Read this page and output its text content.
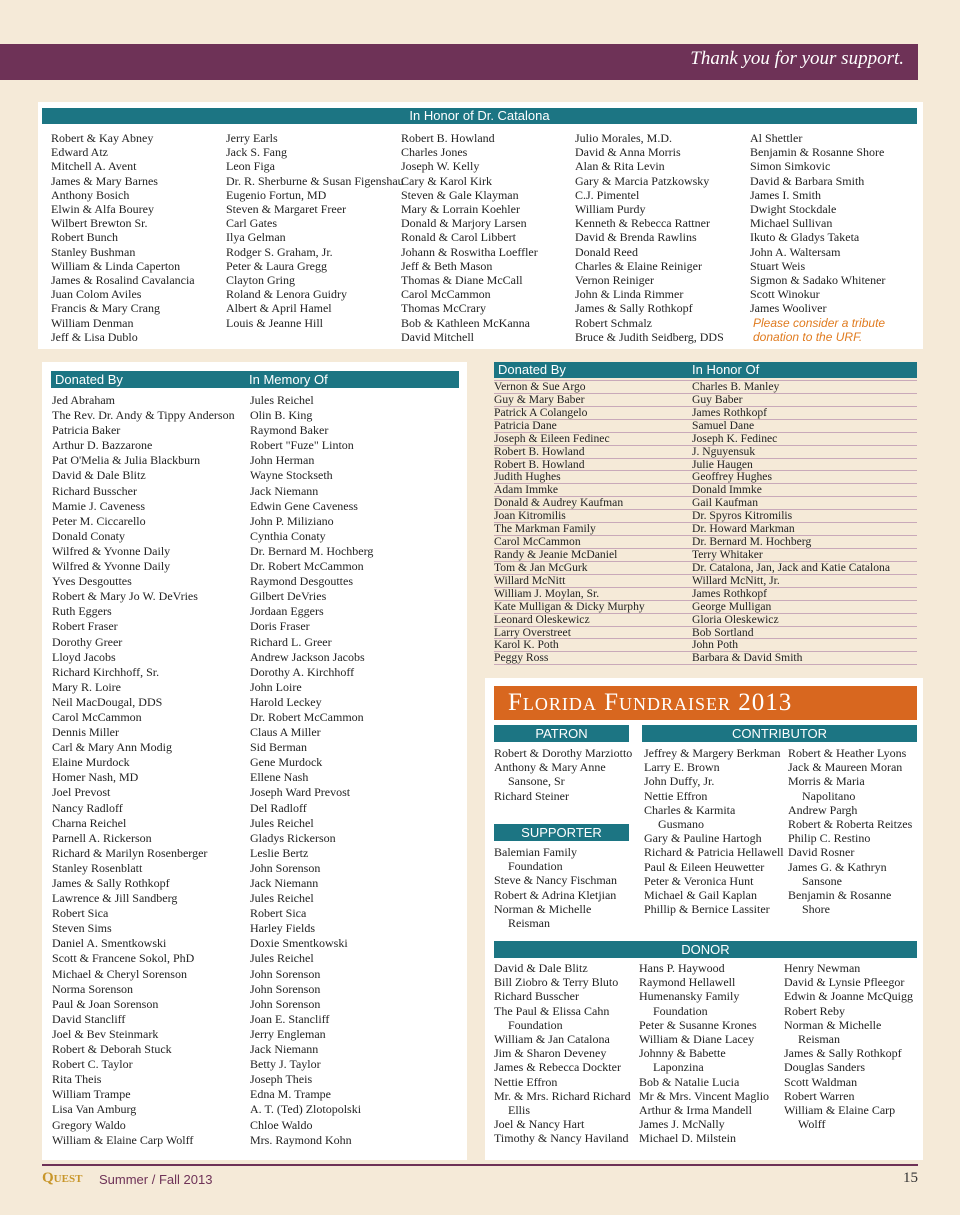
Thank you for your support.
In Honor of Dr. Catalona
Robert & Kay Abney
Edward Atz
Mitchell A. Avent
James & Mary Barnes
Anthony Bosich
Elwin & Alfa Bourey
Wilbert Brewton Sr.
Robert Bunch
Stanley Bushman
William & Linda Caperton
James & Rosalind Cavalancia
Juan Colom Aviles
Francis & Mary Crang
William Denman
Jeff & Lisa Dublo
Jerry Earls
Jack S. Fang
Leon Figa
Dr. R. Sherburne & Susan Figenshau
Eugenio Fortun, MD
Steven & Margaret Freer
Carl Gates
Ilya Gelman
Rodger S. Graham, Jr.
Peter & Laura Gregg
Clayton Gring
Roland & Lenora Guidry
Albert & April Hamel
Louis & Jeanne Hill
Robert B. Howland
Charles Jones
Joseph W. Kelly
Cary & Karol Kirk
Steven & Gale Klayman
Mary & Lorrain Koehler
Donald & Marjory Larsen
Ronald & Carol Libbert
Johann & Roswitha Loeffler
Jeff & Beth Mason
Thomas & Diane McCall
Carol McCammon
Thomas McCrary
Bob & Kathleen McKanna
David Mitchell
Julio Morales, M.D.
David & Anna Morris
Alan & Rita Levin
Gary & Marcia Patzkowsky
C.J. Pimentel
William Purdy
Kenneth & Rebecca Rattner
David & Brenda Rawlins
Donald Reed
Charles & Elaine Reiniger
Vernon Reiniger
John & Linda Rimmer
James & Sally Rothkopf
Robert Schmalz
Bruce & Judith Seidberg, DDS
Al Shettler
Benjamin & Rosanne Shore
Simon Simkovic
David & Barbara Smith
James I. Smith
Dwight Stockdale
Michael Sullivan
Ikuto & Gladys Taketa
John A. Waltersam
Stuart Weis
Sigmon & Sadako Whitener
Scott Winokur
James Wooliver
Please consider a tribute donation to the URF.
Donated By	In Memory Of
Jed Abraham	Jules Reichel
The Rev. Dr. Andy & Tippy Anderson	Olin B. King
Patricia Baker	Raymond Baker
Arthur D. Bazzarone	Robert "Fuze" Linton
Pat O'Melia & Julia Blackburn	John Herman
David & Dale Blitz	Wayne Stockseth
Richard Busscher	Jack Niemann
Mamie J. Caveness	Edwin Gene Caveness
Peter M. Ciccarello	John P. Miliziano
Donald Conaty	Cynthia Conaty
Wilfred & Yvonne Daily	Dr. Bernard M. Hochberg
Wilfred & Yvonne Daily	Dr. Robert McCammon
Yves Desgouttes	Raymond Desgouttes
Robert & Mary Jo W. DeVries	Gilbert DeVries
Ruth Eggers	Jordaan Eggers
Robert Fraser	Doris Fraser
Dorothy Greer	Richard L. Greer
Lloyd Jacobs	Andrew Jackson Jacobs
Richard Kirchhoff, Sr.	Dorothy A. Kirchhoff
Mary R. Loire	John Loire
Neil MacDougal, DDS	Harold Leckey
Carol McCammon	Dr. Robert McCammon
Dennis Miller	Claus A Miller
Carl & Mary Ann Modig	Sid Berman
Elaine Murdock	Gene Murdock
Homer Nash, MD	Ellene Nash
Joel Prevost	Joseph Ward Prevost
Nancy Radloff	Del Radloff
Charna Reichel	Jules Reichel
Parnell A. Rickerson	Gladys Rickerson
Richard & Marilyn Rosenberger	Leslie Bertz
Stanley Rosenblatt	John Sorenson
James & Sally Rothkopf	Jack Niemann
Lawrence & Jill Sandberg	Jules Reichel
Robert Sica	Robert Sica
Steven Sims	Harley Fields
Daniel A. Smentkowski	Doxie Smentkowski
Scott & Francene Sokol, PhD	Jules Reichel
Michael & Cheryl Sorenson	John Sorenson
Norma Sorenson	John Sorenson
Paul & Joan Sorenson	John Sorenson
David Stancliff	Joan E. Stancliff
Joel & Bev Steinmark	Jerry Engleman
Robert & Deborah Stuck	Jack Niemann
Robert C. Taylor	Betty J. Taylor
Rita Theis	Joseph Theis
William Trampe	Edna M. Trampe
Lisa Van Amburg	A. T. (Ted) Zlotopolski
Gregory Waldo	Chloe Waldo
William & Elaine Carp Wolff	Mrs. Raymond Kohn
Donated By	In Honor Of
Vernon & Sue Argo	Charles B. Manley
Guy & Mary Baber	Guy Baber
Patrick A Colangelo	James Rothkopf
Patricia Dane	Samuel Dane
Joseph & Eileen Fedinec	Joseph K. Fedinec
Robert B. Howland	J. Nguyensuk
Robert B. Howland	Julie Haugen
Judith Hughes	Geoffrey Hughes
Adam Immke	Donald Immke
Donald & Audrey Kaufman	Gail Kaufman
Joan Kitromilis	Dr. Spyros Kitromilis
The Markman Family	Dr. Howard Markman
Carol McCammon	Dr. Bernard M. Hochberg
Randy & Jeanie McDaniel	Terry Whitaker
Tom & Jan McGurk	Dr. Catalona, Jan, Jack and Katie Catalona
Willard McNitt	Willard McNitt, Jr.
William J. Moylan, Sr.	James Rothkopf
Kate Mulligan & Dicky Murphy	George Mulligan
Leonard Oleskewicz	Gloria Oleskewicz
Larry Overstreet	Bob Sortland
Karol K. Poth	John Poth
Peggy Ross	Barbara & David Smith
Florida Fundraiser 2013
PATRON
Robert & Dorothy Marziotto
Anthony & Mary Anne Sansone, Sr
Richard Steiner
SUPPORTER
Balemian Family Foundation
Steve & Nancy Fischman
Robert & Adrina Kletjian
Norman & Michelle Reisman
CONTRIBUTOR
Jeffrey & Margery Berkman
Larry E. Brown
John Duffy, Jr.
Nettie Effron
Charles & Karmita Gusmano
Gary & Pauline Hartogh
Richard & Patricia Hellawell
Paul & Eileen Heuwetter
Peter & Veronica Hunt
Michael & Gail Kaplan
Phillip & Bernice Lassiter
Robert & Heather Lyons
Jack & Maureen Moran
Morris & Maria Napolitano
Andrew Pargh
Robert & Roberta Reitzes
Philip C. Restino
David Rosner
James G. & Kathryn Sansone
Benjamin & Rosanne Shore
DONOR
David & Dale Blitz
Bill Ziobro & Terry Bluto
Richard Busscher
The Paul & Elissa Cahn Foundation
William & Jan Catalona
Jim & Sharon Deveney
James & Rebecca Dockter
Nettie Effron
Mr. & Mrs. Richard Richard Ellis
Joel & Nancy Hart
Timothy & Nancy Haviland
Hans P. Haywood
Raymond Hellawell
Humenansky Family Foundation
Peter & Susanne Krones
William & Diane Lacey
Johnny & Babette Laponzina
Bob & Natalie Lucia
Mr & Mrs. Vincent Maglio
Arthur & Irma Mandell
James J. McNally
Michael D. Milstein
Henry Newman
David & Lynsie Pfleegor
Edwin & Joanne McQuigg
Robert Reby
Norman & Michelle Reisman
James & Sally Rothkopf
Douglas Sanders
Scott Waldman
Robert Warren
William & Elaine Carp Wolff
Quest Summer / Fall 2013	15
